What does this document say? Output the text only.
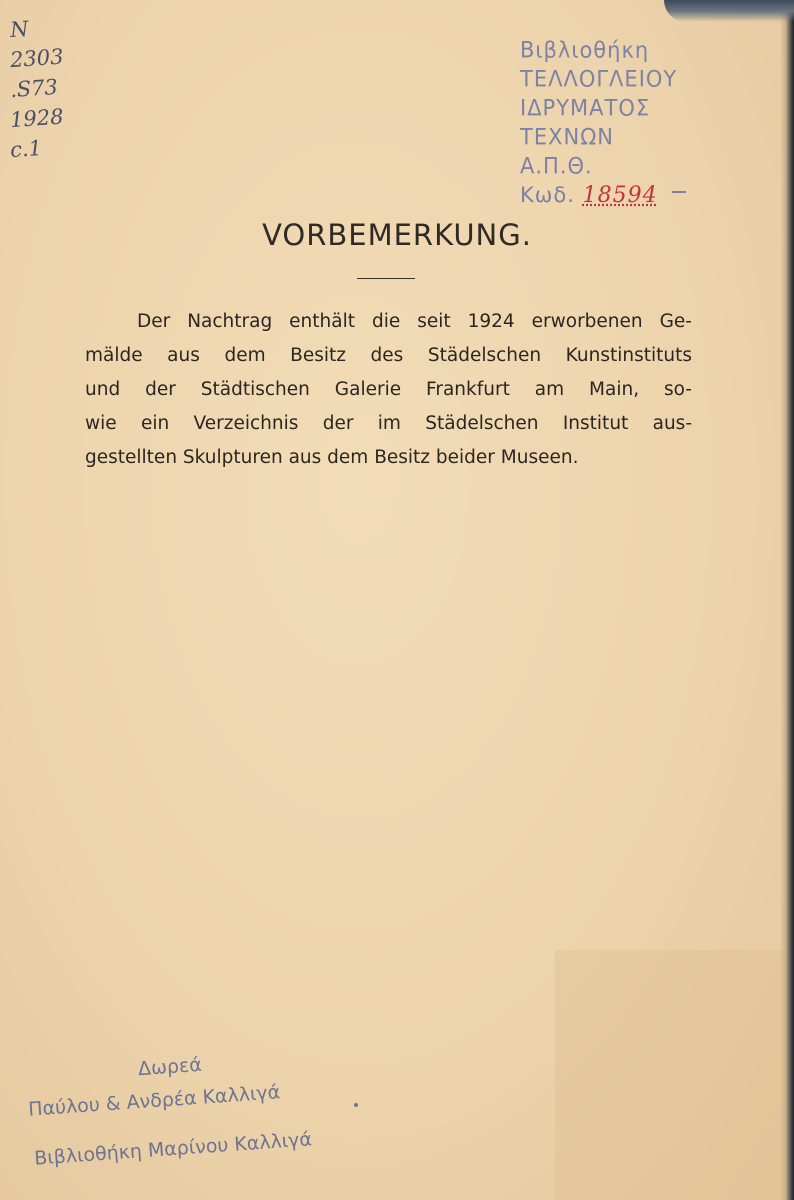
N
2303
.S73
1928
c.1
Βιβλιοθήκη
ΤΕΛΛΟΓΛΕΙΟΥ
ΙΔΡΥΜΑΤΟΣ
ΤΕΧΝΩΝ
Α.Π.Θ.
Κωδ. 18594
VORBEMERKUNG.
Der Nachtrag enthält die seit 1924 erworbenen Ge-
mälde aus dem Besitz des Städelschen Kunstinstituts
und der Städtischen Galerie Frankfurt am Main, so-
wie ein Verzeichnis der im Städelschen Institut aus-
gestellten Skulpturen aus dem Besitz beider Museen.
Δωρεά
Παύλου & Ανδρέα Καλλιγά
Βιβλιοθήκη Μαρίνου Καλλιγά
